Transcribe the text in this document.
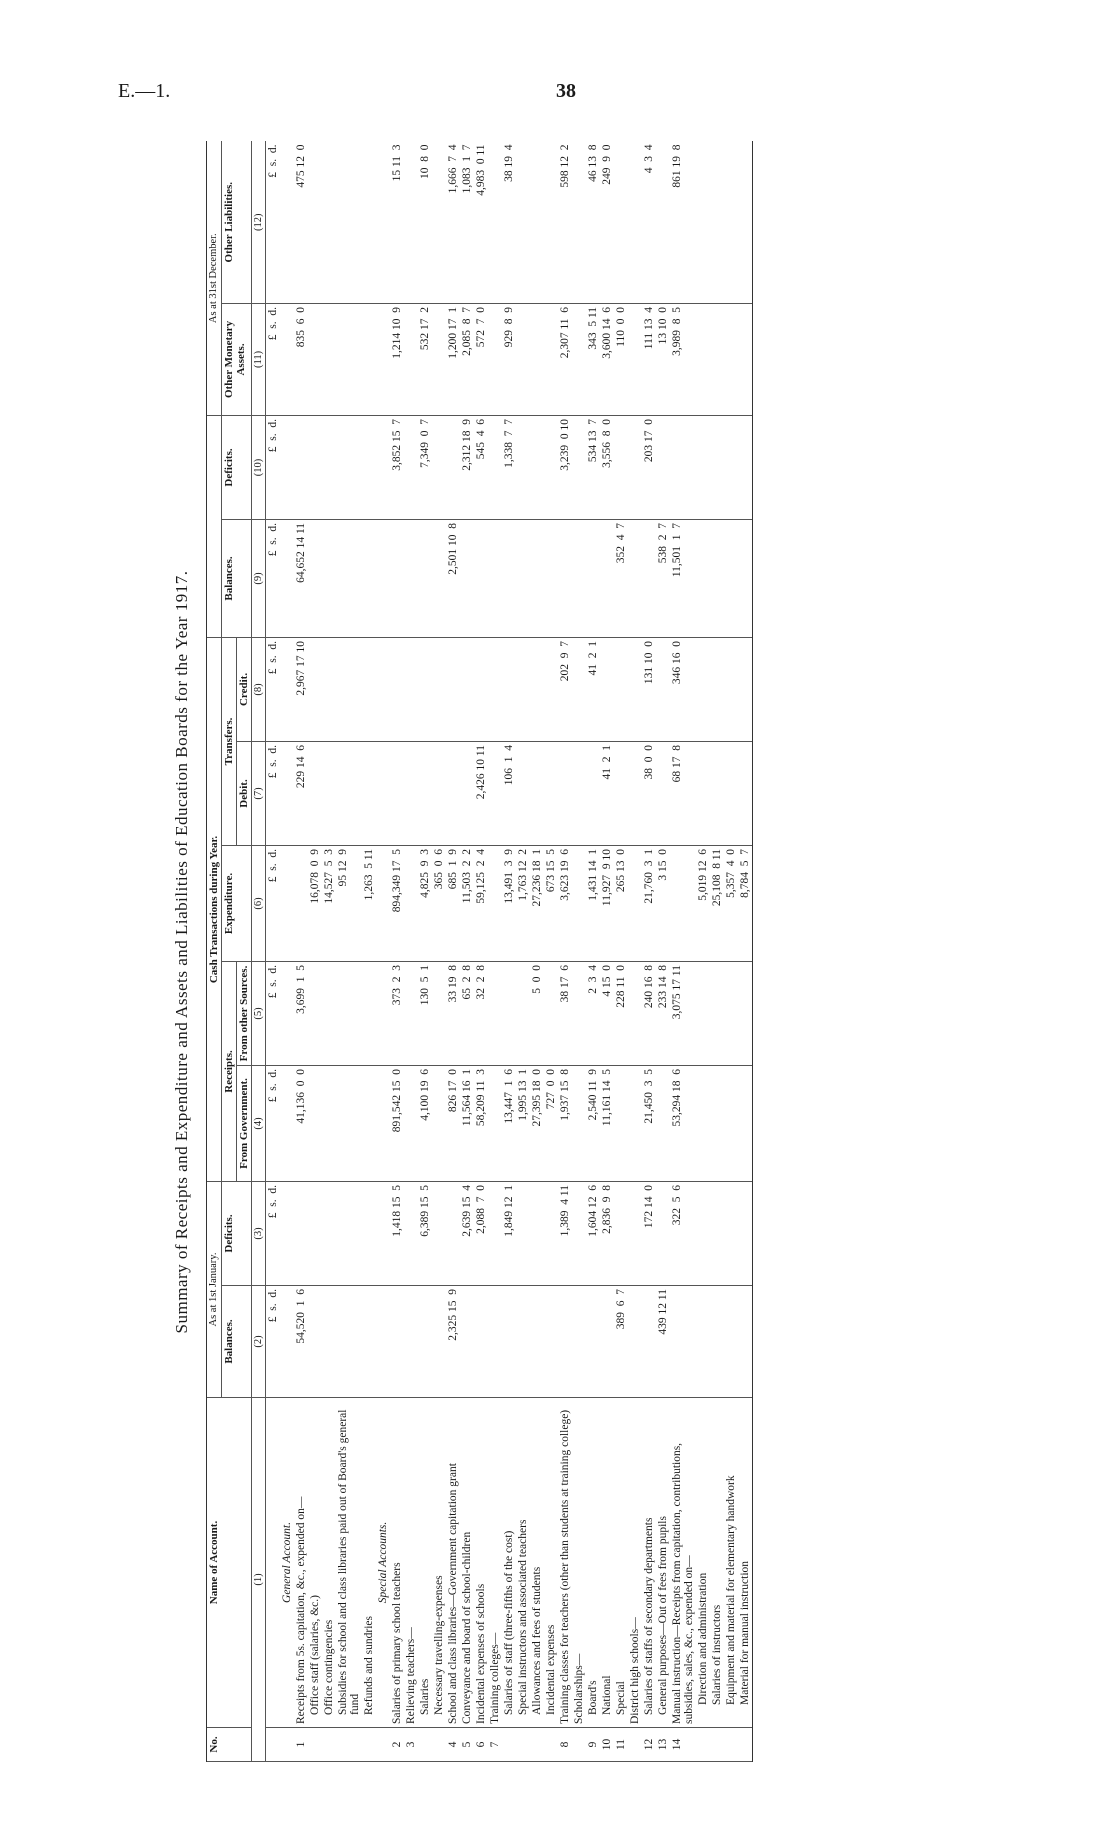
E.—1.	38
Summary of Receipts and Expenditure and Assets and Liabilities of Education Boards for the Year 1917.
No.	Name of Account.	As at 1st January.		Cash Transactions during Year.							As at 31st December.	
		Balances.	Deficits.	Receipts.		Expenditure.	Transfers.		Balances.	Deficits.	Other Monetary Assets.	Other Liabilities.
				From Government.	From other Sources.		Debit.	Credit.				
(1)		(2)	(3)	(4)	(5)	(6)	(7)	(8)	(9)	(10)	(11)	(12)
		£  s.  d.	£  s.  d.	£  s.  d.	£  s.  d.	£  s.  d.	£  s.  d.	£  s.  d.	£  s.  d.	£  s.  d.	£  s.  d.	£  s.  d.
	General Account.											
1	Receipts from 5s. capitation, &c., expended on—	54,520  1  6		41,136  0  0	3,699  1  5		229 14  6	2,967 17 10	64,652 14 11		835  6  0	475 12  0
	Office staff (salaries, &c.)					16,078  0  9						
	Office contingencies					14,527  5  3						
	Subsidies for school and class libraries paid out of Board's general fund					95 12  9						
	Refunds and sundries					1,263  5 11						
	Special Accounts.											
2	Salaries of primary school teachers		1,418 15  5	891,542 15  0	373  2  3	894,349 17  5				3,852 15  7	1,214 10  9	15 11  3
3	Relieving teachers—											
	Salaries		6,389 15  5	4,100 19  6	130  5  1	4,825  9  3				7,349  0  7	532 17  2	10  8  0
	Necessary travelling-expenses					365  0  6						
4	School and class libraries—Government capitation grant	2,325 15  9		826 17  0	33 19  8	685  1  9			2,501 10  8		1,200 17  1	1,666  7  4
5	Conveyance and board of school-children		2,639 15  4	11,564 16  1	65  2  8	11,503  2  2				2,312 18  9	2,085  8  7	1,083  1  7
6	Incidental expenses of schools		2,088  7  0	58,209 11  3	32  2  8	59,125  2  4	2,426 10 11			545  4  6	572  7  0	4,983  0 11
7	Training colleges—											
	Salaries of staff (three-fifths of the cost)		1,849 12  1	13,447  1  6		13,491  3  9	106  1  4			1,338  7  7	929  8  9	38 19  4
	Special instructors and associated teachers			1,995 13  1		1,763 12  2						
	Allowances and fees of students			27,395 18  0	5  0  0	27,236 18  1						
	Incidental expenses			727  0  0		673 15  5						
8	Training classes for teachers (other than students at training college)		1,389  4 11	1,937 15  8	38 17  6	3,623 19  6		202  9  7		3,239  0 10	2,307 11  6	598 12  2
	Scholarships—											
9	Board's		1,604 12  6	2,540 11  9	2  3  4	1,431 14  1		41  2  1		534 13  7	343  5 11	46 13  8
10	National		2,836  9  8	11,161 14  5	4 15  0	11,927  9 10	41  2  1			3,556  8  0	3,600 14  6	249  9  0
11	Special	389  6  7			228 11  0	265 13  0			352  4  7		110  0  0	
	District high schools—											
12	Salaries of staffs of secondary departments		172 14  0	21,450  3  5	240 16  8	21,760  3  1	38  0  0	131 10  0		203 17  0	111 13  4	4  3  4
13	General purposes—Out of fees from pupils	439 12 11			233 14  8	3 15  0			538  2  7		13 10  0	
14	Manual instruction—Receipts from capitation, contributions, subsidies, sales, &c., expended on—		322  5  6	53,294 18  6	3,075 17 11		68 17  8	346 16  0	11,501  1  7		3,989  8  5	861 19  8
	Direction and administration					5,019 12  6						
	Salaries of instructors					25,108  8 11						
	Equipment and material for elementary handwork					5,357  4  0						
	Material for manual instruction					8,784  5  7						
